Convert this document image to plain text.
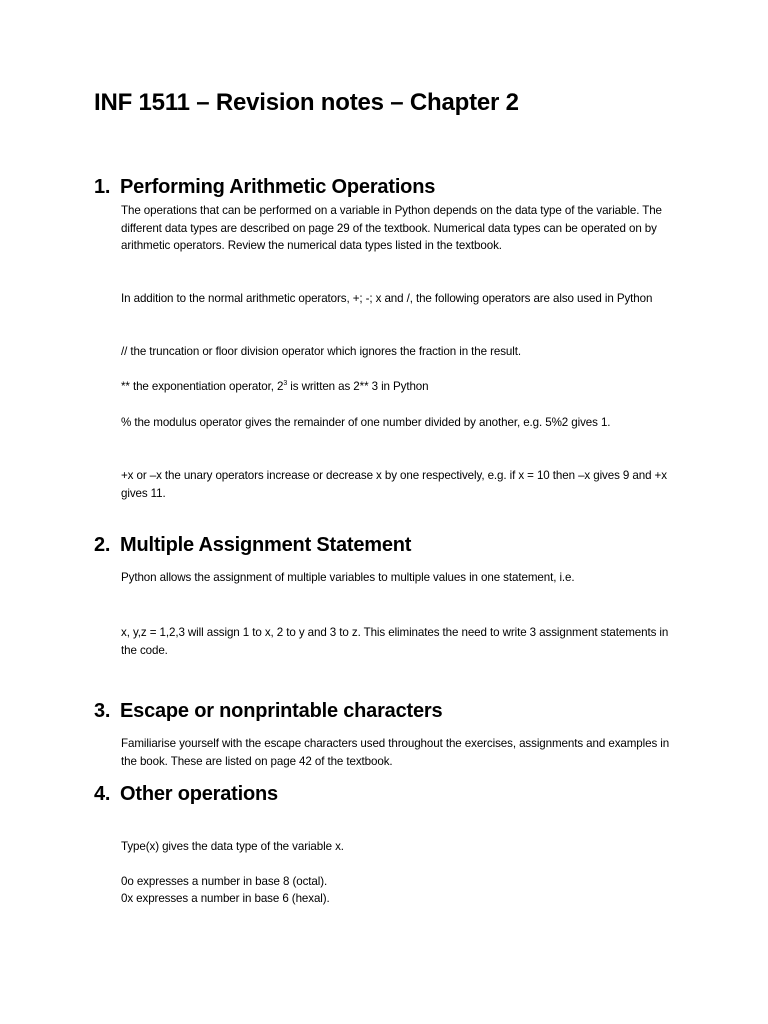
INF 1511 – Revision notes – Chapter 2
1. Performing Arithmetic Operations
The operations that can be performed on a variable in Python depends on the data type of the variable. The different data types are described on page 29 of the textbook. Numerical data types can be operated on by arithmetic operators. Review the numerical data types listed in the textbook.
In addition to the normal arithmetic operators, +; -; x and /, the following operators are also used in Python
// the truncation or floor division operator which ignores the fraction in the result.
** the exponentiation operator, $2^3$ is written as 2** 3 in Python
% the modulus operator gives the remainder of one number divided by another, e.g. 5%2 gives 1.
+x or –x the unary operators increase or decrease x by one respectively, e.g. if x = 10 then –x gives 9 and +x gives 11.
2. Multiple Assignment Statement
Python allows the assignment of multiple variables to multiple values in one statement, i.e.
x, y,z = 1,2,3 will assign 1 to x, 2 to y and 3 to z. This eliminates the need to write 3 assignment statements in the code.
3. Escape or nonprintable characters
Familiarise yourself with the escape characters used throughout the exercises, assignments and examples in the book. These are listed on page 42 of the textbook.
4. Other operations
Type(x) gives the data type of the variable x.
0o expresses a number in base 8 (octal).
0x expresses a number in base 6 (hexal).
